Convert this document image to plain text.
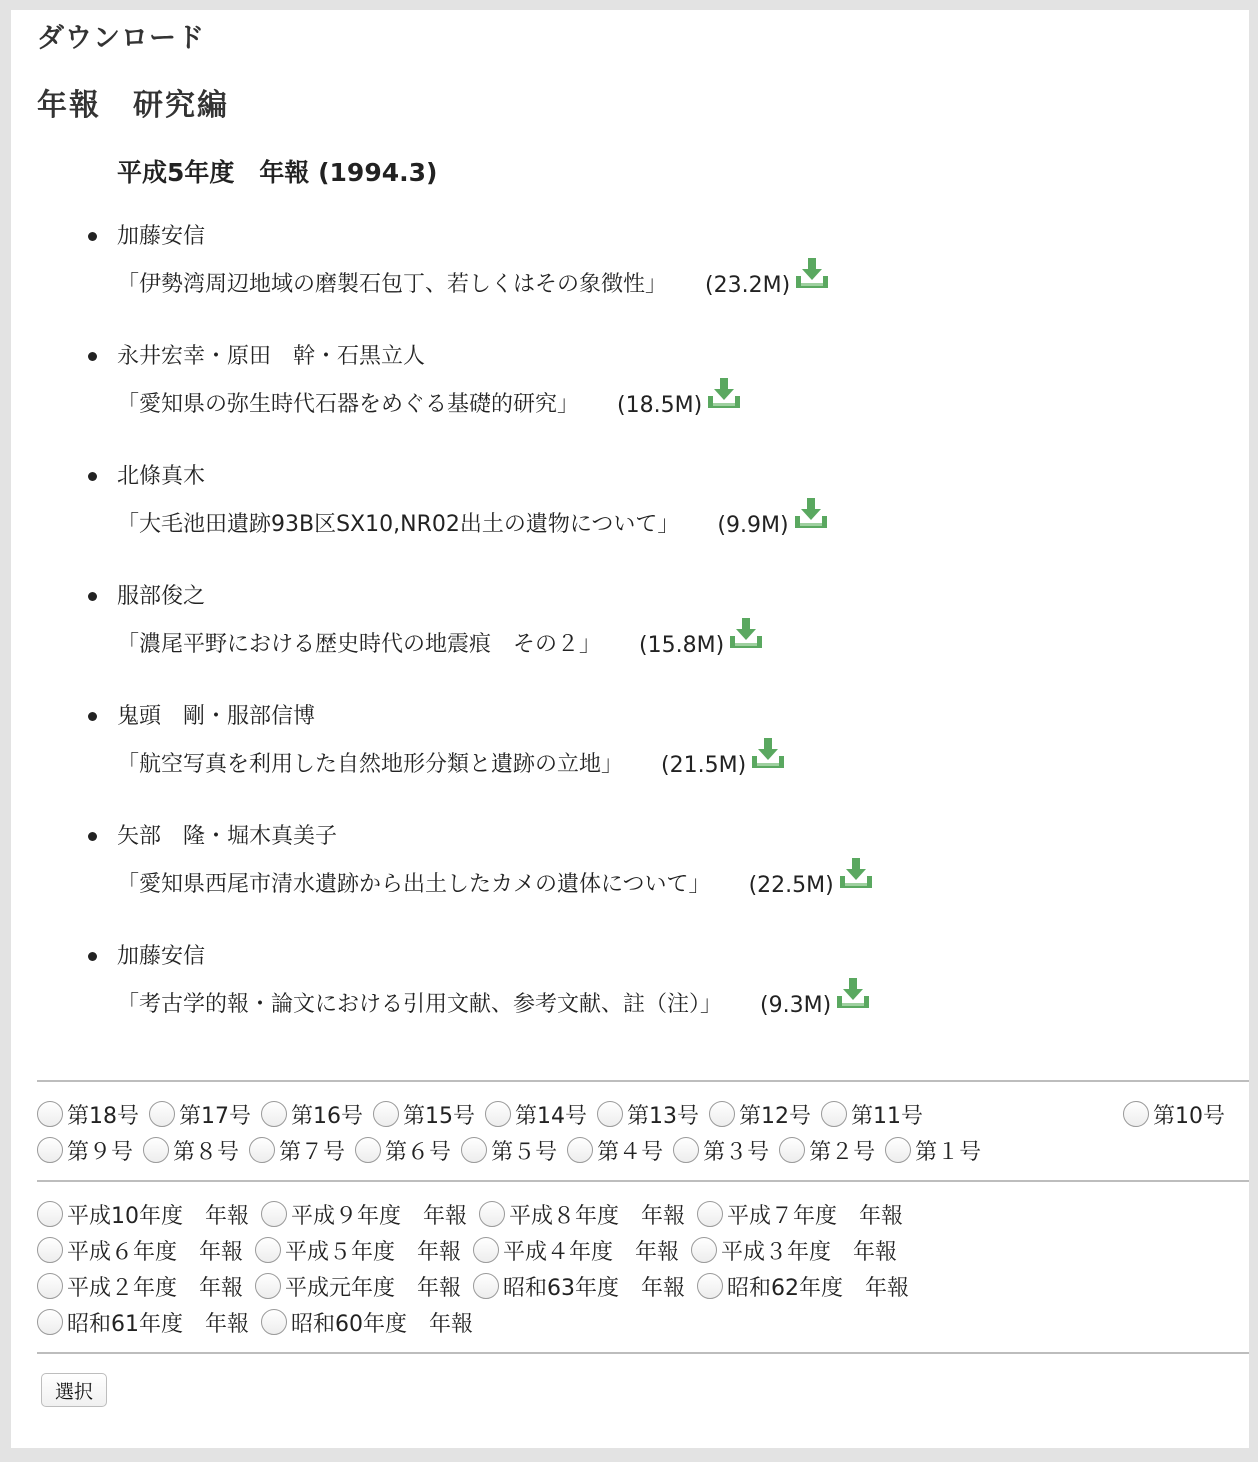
ダウンロード
年報　研究編
平成5年度　年報 (1994.3)
加藤安信
「伊勢湾周辺地域の磨製石包丁、若しくはその象徴性」 (23.2M)
永井宏幸・原田　幹・石黒立人
「愛知県の弥生時代石器をめぐる基礎的研究」 (18.5M)
北條真木
「大毛池田遺跡93B区SX10,NR02出土の遺物について」 (9.9M)
服部俊之
「濃尾平野における歴史時代の地震痕　その２」 (15.8M)
鬼頭　剛・服部信博
「航空写真を利用した自然地形分類と遺跡の立地」 (21.5M)
矢部　隆・堀木真美子
「愛知県西尾市清水遺跡から出土したカメの遺体について」 (22.5M)
加藤安信
「考古学的報・論文における引用文献、参考文献、註（注）」 (9.3M)
第18号 第17号 第16号 第15号 第14号 第13号 第12号 第11号	第10号
第９号 第８号 第７号 第６号 第５号 第４号 第３号 第２号 第１号
平成10年度　年報 平成９年度　年報 平成８年度　年報 平成７年度　年報
平成６年度　年報 平成５年度　年報 平成４年度　年報 平成３年度　年報
平成２年度　年報 平成元年度　年報 昭和63年度　年報 昭和62年度　年報
昭和61年度　年報 昭和60年度　年報
選択
